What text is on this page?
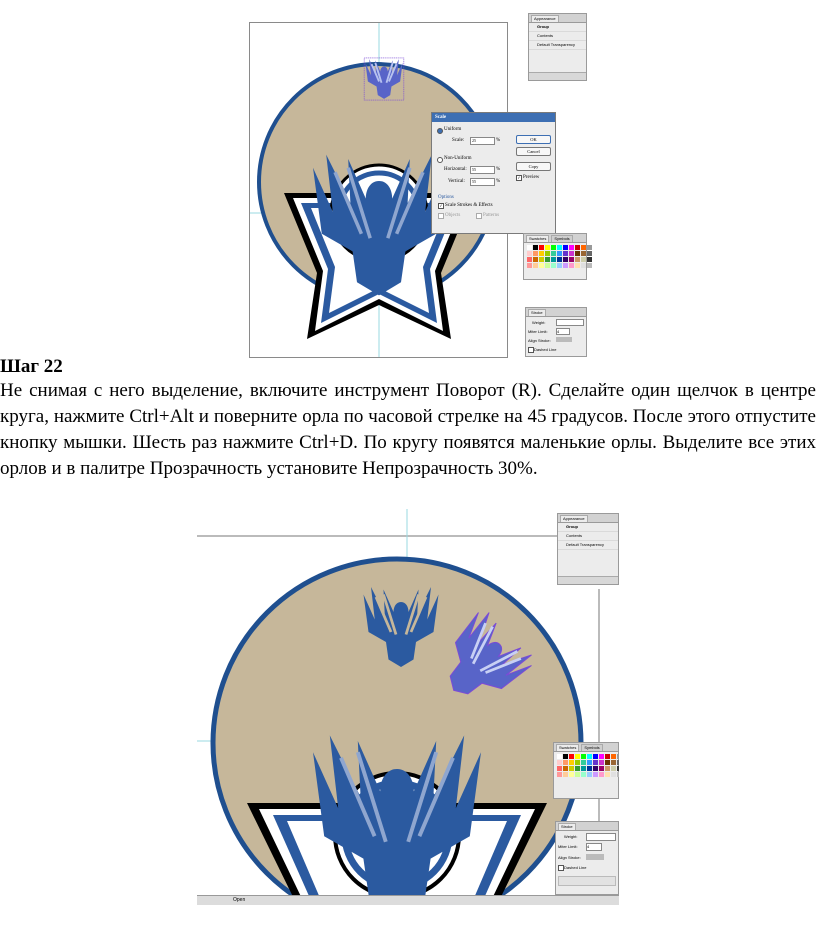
Appearance
Group
Contents
Default Transparency
Scale
Uniform
Scale:	25	%
Non-Uniform
Horizontal:	55	%
Vertical:	55	%
Options
✓ Scale Strokes & Effects
Objects	Patterns
OK
Cancel
Copy
✓ Preview
Swatches	Symbols
Stroke
Weight:
Miter Limit: 4
Align Stroke:
Dashed Line
Шаг 22

Не снимая с него выделение, включите инструмент Поворот (R). Сделайте один щелчок в центре круга, нажмите Ctrl+Alt и поверните орла по часовой стрелке на 45 градусов. После этого отпустите кнопку мышки. Шесть раз нажмите Ctrl+D. По кругу появятся маленькие орлы. Выделите все этих орлов и в палитре Прозрачность установите Непрозрачность 30%.

Appearance
Group
Contents
Default Transparency
Swatches	Symbols
Stroke
Weight:
Miter Limit: 4
Align Stroke:
Dashed Line
Open
